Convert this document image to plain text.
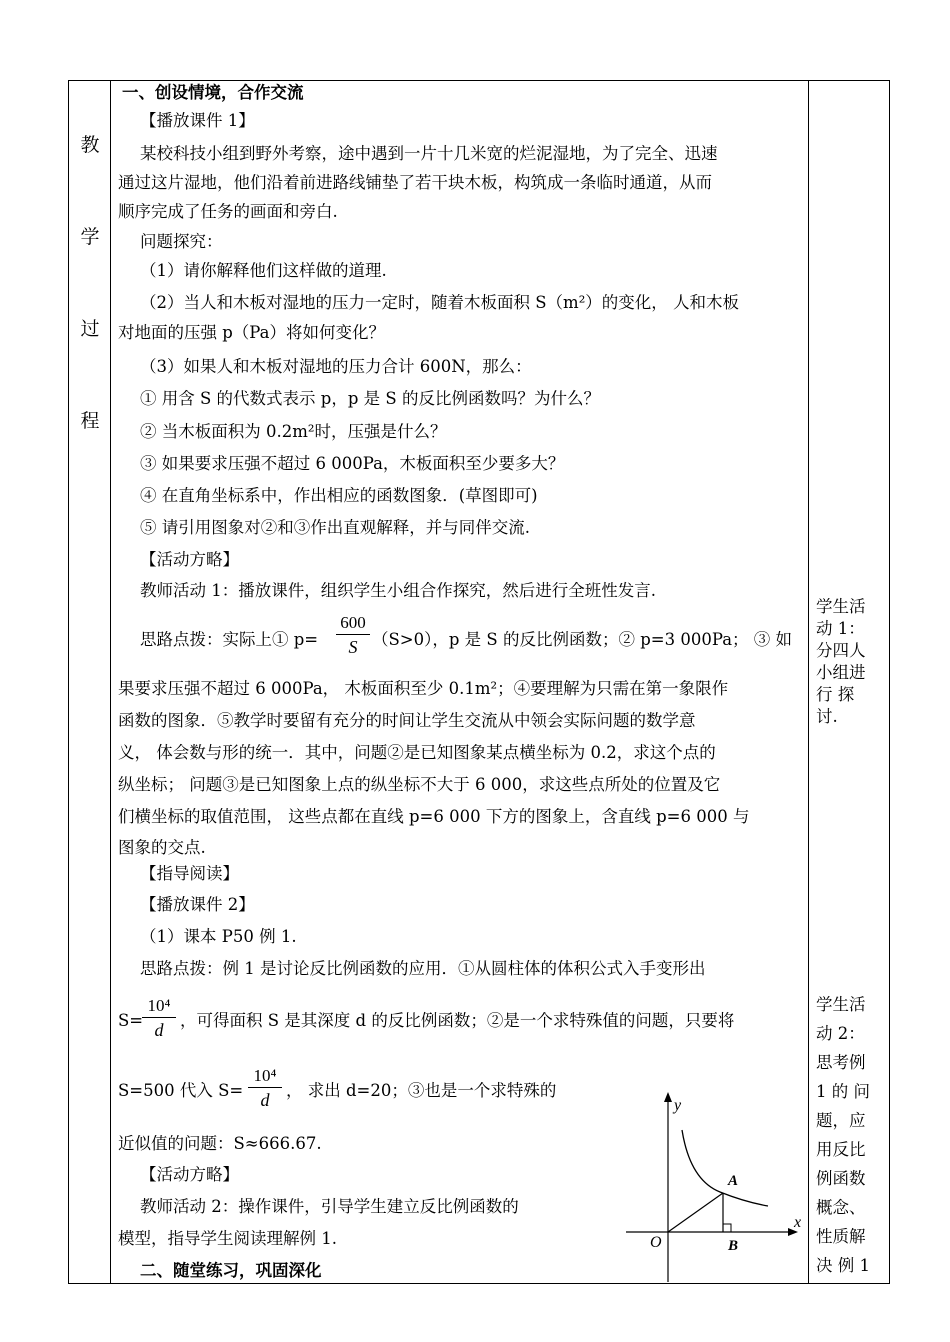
教
学
过
程
一、创设情境，合作交流
【播放课件 1】
某校科技小组到野外考察，途中遇到一片十几米宽的烂泥湿地，为了完全、迅速
通过这片湿地，他们沿着前进路线铺垫了若干块木板，构筑成一条临时通道，从而
顺序完成了任务的画面和旁白.
问题探究：
（1）请你解释他们这样做的道理.
（2）当人和木板对湿地的压力一定时，随着木板面积 S（m²）的变化， 人和木板
对地面的压强 p（Pa）将如何变化？
（3）如果人和木板对湿地的压力合计 600N，那么：
① 用含 S 的代数式表示 p，p 是 S 的反比例函数吗？为什么？
② 当木板面积为 0.2m²时，压强是什么？
③ 如果要求压强不超过 6 000Pa，木板面积至少要多大？
④ 在直角坐标系中，作出相应的函数图象．(草图即可)
⑤ 请引用图象对②和③作出直观解释，并与同伴交流.
【活动方略】
教师活动 1：播放课件，组织学生小组合作探究，然后进行全班性发言.
思路点拨：实际上① p=
600
S （S>0），p 是 S 的反比例函数；② p=3 000Pa； ③ 如
果要求压强不超过 6 000Pa， 木板面积至少 0.1m²；④要理解为只需在第一象限作
函数的图象．⑤教学时要留有充分的时间让学生交流从中领会实际问题的数学意
义， 体会数与形的统一．其中，问题②是已知图象某点横坐标为 0.2，求这个点的
纵坐标； 问题③是已知图象上点的纵坐标不大于 6 000，求这些点所处的位置及它
们横坐标的取值范围， 这些点都在直线 p=6 000 下方的图象上，含直线 p=6 000 与
图象的交点.
【指导阅读】
【播放课件 2】
（1）课本 P50 例 1.
思路点拨：例 1 是讨论反比例函数的应用．①从圆柱体的体积公式入手变形出
S=
10⁴
d	，可得面积 S 是其深度 d 的反比例函数；②是一个求特殊值的问题，只要将
S=500 代入 S=
10⁴
d	， 求出 d=20；③也是一个求特殊的
近似值的问题：S≈666.67.
【活动方略】
教师活动 2：操作课件，引导学生建立反比例函数的
模型，指导学生阅读理解例 1.
二、随堂练习，巩固深化
y
x
O
A
B
学生活
动 1：
分四人
小组进
行 探
讨.
学生活
动 2：
思考例
1 的 问
题，应
用反比
例函数
概念、
性质解
决 例 1
